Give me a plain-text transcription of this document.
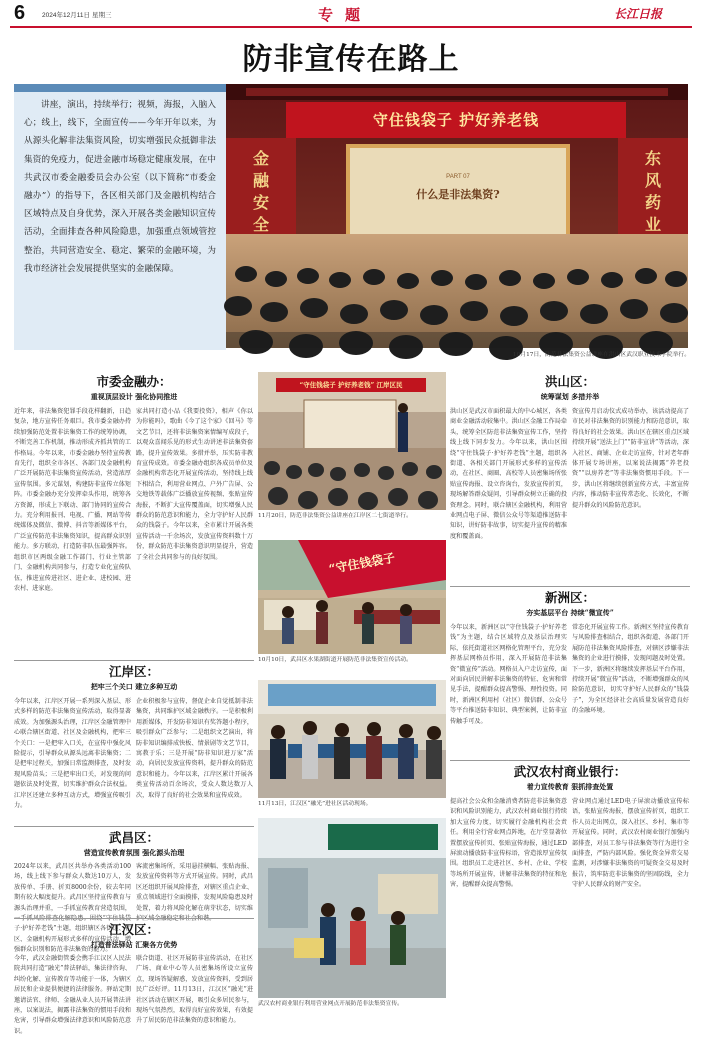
6	2024年12月11日 星期三	专题	长江日报
防非宣传在路上
讲座，演出，持续举行；视频，海报，入脑入心；线上，线下，全面宣传——今年开年以来，为从源头化解非法集资风险，切实增强民众抵御非法集资的免疫力，促进金融市场稳定健康发展，在中共武汉市委金融委员会办公室（以下简称“市委金融办”）的指导下，各区相关部门及金融机构结合区域特点及自身优势，深入开展各类金融知识宣传活动，全面排查各种风险隐患，加强重点领域管控整治，共同营造安全、稳定、繁荣的金融环境，为我市经济社会发展提供坚实的金融保障。
守住钱袋子 护好养老钱
金融安全
东风药业
PART 07
什么是非法集资?
10月17日，防范非法集资公益讲座在洪山区武汉职业技术学院举行。
市委金融办：
重视顶层设计 强化协同推进
近年来，非法集资犯罪手段花样翻新，日趋复杂，地方宣传任务艰巨。我市委金融办持续加强防范处置非法集资工作的统筹协调，不断完善工作机制，推动形成齐抓共管的工作格局。今年以来，市委金融办坚持宣传教育先行，组织全市各区、各部门及金融机构广泛开展防范非法集资宣传活动，营造浓厚宣传氛围。多元谋划，构建防非宣传立体矩阵。市委金融办充分发挥牵头作用，统筹各方资源，形成上下联动、部门协同的宣传合力。充分利用报刊、电视、广播、网站等传统媒体及微信、微博、抖音等新媒体平台，广泛宣传防范非法集资知识，提高群众识别能力。多方联动，打造防非队伍最强阵容。组织市区两级金融工作部门、行业主管部门、金融机构共同参与，打造专业化宣传队伍，推进宣传进社区、进企业、进校园、进农村、进家庭。
家共同打造小品《我要投资》，相声《你以为你能吗》，歌曲《今了这个家》《回马》等文艺节目，还将非法集资案情编写成段子，以观众喜闻乐见的形式生动讲述非法集资套路，提升宣传效果。多措并举，压实防非教育宣传成效。市委金融办组织各成员单位及金融机构常态化开展宣传活动，坚持线上线下相结合，利用营业网点、户外广告屏、公交地铁等载体广泛播放宣传视频、张贴宣传海报，不断扩大宣传覆盖面，切实增强人民群众的防范意识和能力，全力守护好人民群众的钱袋子。今年以来，全市累计开展各类宣传活动一千余场次，发放宣传资料数十万份，群众防范非法集资意识明显提升，营造了全社会共同参与的良好氛围。
“守住钱袋子 护好养老钱” 江岸区民
11月20日，防范非法集资公益讲座在江岸区二七街道举行。
“守住钱袋子
10月10日，武昌区水果湖街道开展防范非法集资宣传活动。
洪山区：
统筹谋划 多措并举
洪山区是武汉市面积最大的中心城区，各类商业金融活动较集中。洪山区金融工作局牵头，统筹全区防范非法集资宣传工作，坚持线上线下同步发力。今年以来，洪山区围绕“守住钱袋子·护好养老钱”主题，组织各街道、各相关部门开展形式多样的宣传活动，在社区、商圈、高校等人员密集场所张贴宣传海报、设立咨询台，发放宣传折页，现场解答群众疑问，引导群众树立正确的投资理念。同时，联合辖区金融机构，利用营业网点电子屏、微信公众号等渠道推送防非知识，讲好防非故事，切实提升宣传的精准度和覆盖面。
资宣传月启动仪式成功举办，该活动提高了市民对非法集资的识别能力和防范意识，取得良好的社会效果。洪山区在辖区重点区域持续开展“送法上门”“防非宣讲”等活动，深入社区、商铺、企业走访宣传，针对老年群体开展专场讲座，以案说法揭露“养老投资”“以房养老”等非法集资惯用手段。下一步，洪山区将继续创新宣传方式，丰富宣传内容，推动防非宣传常态化、长效化，不断提升群众的风险防范意识。
江岸区：
把牢三个关口 建立多种互动
今年以来，江岸区开展一系列深入基层、形式多样的防范非法集资宣传活动，取得显著成效。为加强源头治理，江岸区金融管理中心联合辖区街道、社区及金融机构，把牢三个关口：一是把牢入口关，在宣传中强化风险提示，引导群众从源头远离非法集资；二是把牢过程关，加强日常监测排查，及时发现风险苗头；三是把牢出口关，对发现的问题依法及时处置，切实维护群众合法权益。江岸区还建立多种互动方式，增强宣传吸引力。
企业积极参与宣传，督促企业自觉抵制非法集资，共同维护区域金融秩序。一是积极利用新媒体，开发防非知识有奖答题小程序，吸引群众广泛参与；二是组织文艺演出，将防非知识编排成快板、情景剧等文艺节目，寓教于乐；三是开展“防非知识进万家”活动，向居民发放宣传资料，提升群众的防范意识和能力。今年以来，江岸区累计开展各类宣传活动百余场次，受众人数达数万人次，取得了良好的社会效果和宣传成效。
新洲区：
夯实基层平台 持续“微宣传”
今年以来，新洲区以“守住钱袋子·护好养老钱”为主题，结合区域特点及基层治理实际，依托街道社区网格化管理平台，充分发挥基层网格员作用，深入开展防范非法集资“微宣传”活动。网格员入户走访宣传，面对面向居民讲解非法集资的特征、危害和常见手法，提醒群众提高警惕、理性投资。同时，新洲区利用村（社区）微信群、公众号等平台推送防非知识、典型案例，让防非宣传触手可及。
常态化开展宣传工作。新洲区坚持宣传教育与风险排查相结合，组织各街道、各部门开展防范非法集资风险排查，对辖区涉嫌非法集资的企业进行摸排，发现问题及时处置。下一步，新洲区将继续发挥基层平台作用，持续开展“微宣传”活动，不断增强群众的风险防范意识，切实守护好人民群众的“钱袋子”，为全区经济社会高质量发展营造良好的金融环境。
11月13日，江汉区“融光”进社区活动现场。
武汉农村商业银行利用营业网点开展防范非法集资宣传。
武昌区：
营造宣传教育氛围 强化源头治理
2024年以来，武昌区共举办各类活动100场，线上线下参与群众人数达10万人，发放传单、手册、折页8000余份，较去年同期有较大幅度提升。武昌区坚持宣传教育与源头治理并重，一手抓宣传教育营造氛围，一手抓风险排查化解隐患。围绕“守住钱袋子·护好养老钱”主题，组织辖区各街道、社区、金融机构开展形式多样的宣传活动，增强群众识别和防范非法集资的能力。
客流密集场所，采用悬挂横幅、张贴海报、发放宣传资料等方式开展宣传。同时，武昌区还组织开展风险排查，对辖区重点企业、重点领域进行全面摸排，发现风险隐患及时处置，着力将风险化解在萌芽状态，切实维护区域金融稳定和社会和谐。
江汉区：
打造普法驿站 汇聚各方优势
今年，武汉金融街管委会携手江汉区人民法院共同打造“融光”普法驿站，集法律咨询、纠纷化解、宣传教育等功能于一体，为辖区居民和企业提供便捷的法律服务。驿站定期邀请法官、律师、金融从业人员开展普法讲座，以案说法，揭露非法集资的惯用手段和危害，引导群众增强法律意识和风险防范意识。
联合街道、社区开展防非宣传活动，在社区广场、商业中心等人员密集场所设立宣传点，现场答疑解惑，发放宣传资料，受到居民广泛好评。11月13日，江汉区“融光”进社区活动在辖区开展，吸引众多居民参与，现场气氛热烈，取得良好宣传效果，有效提升了居民防范非法集资的意识和能力。
武汉农村商业银行：
着力宣传教育 狠抓排查处置
提高社会公众和金融消费者防范非法集资意识和风险识别能力，武汉农村商业银行持续加大宣传力度，切实履行金融机构社会责任。利用全行营业网点阵地，在厅堂显著位置摆放宣传折页、张贴宣传海报，通过LED屏滚动播放防非宣传标语，营造浓厚宣传氛围。组织员工走进社区、乡村、企业、学校等场所开展宣传，讲解非法集资的特征和危害，提醒群众提高警惕。
营业网点通过LED电子屏滚动播放宣传标语，张贴宣传海报，摆放宣传折页，组织工作人员走出网点，深入社区、乡村、集市等开展宣传。同时，武汉农村商业银行加强内部排查，对员工参与非法集资等行为进行全面排查，严防内部风险。强化资金异常交易监测，对涉嫌非法集资的可疑资金交易及时报告，筑牢防范非法集资的坚固防线，全力守护人民群众的财产安全。
